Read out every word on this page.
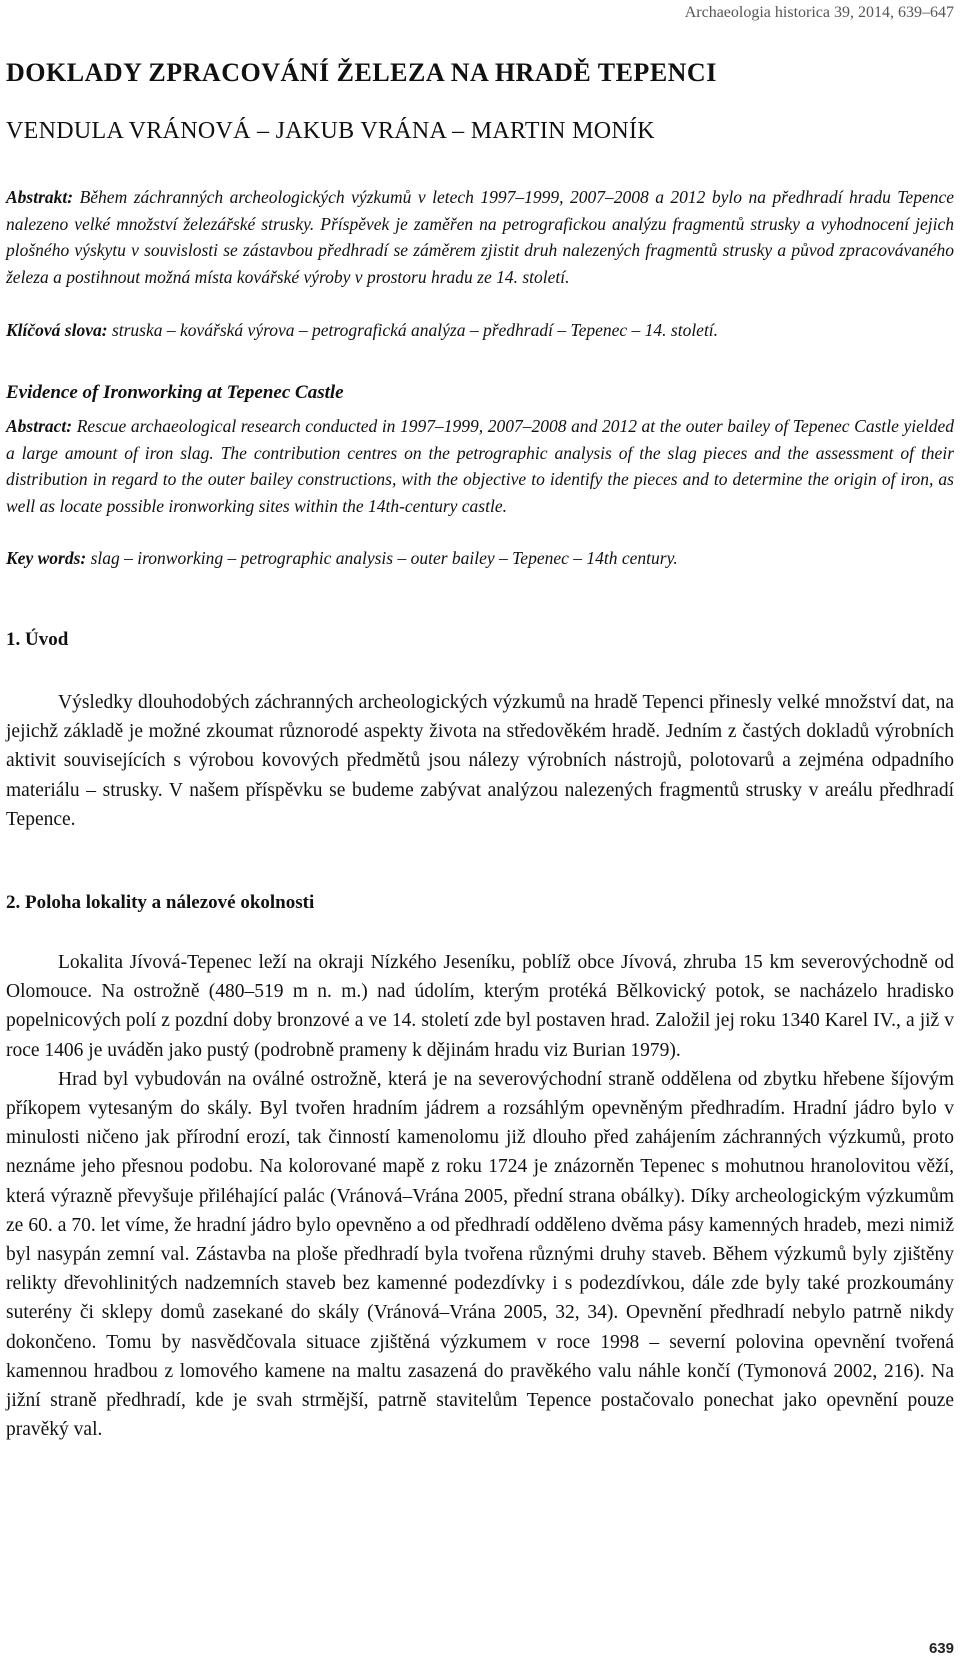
Archaeologia historica 39, 2014, 639–647
DOKLADY ZPRACOVÁNÍ ŽELEZA NA HRADĚ TEPENCI
VENDULA VRÁNOVÁ – JAKUB VRÁNA – MARTIN MONÍK

Abstrakt: Během záchranných archeologických výzkumů v letech 1997–1999, 2007–2008 a 2012 bylo na předhradí hradu Tepence nalezeno velké množství železářské strusky. Příspěvek je zaměřen na petrografickou analýzu fragmentů strusky a vyhodnocení jejich plošného výskytu v souvislosti se zástavbou předhradí se záměrem zjistit druh nalezených fragmentů strusky a původ zpracovávaného železa a postihnout možná místa kovářské výroby v prostoru hradu ze 14. století.

Klíčová slova: struska – kovářská výrova – petrografická analýza – předhradí – Tepenec – 14. století.

Evidence of Ironworking at Tepenec Castle

Abstract: Rescue archaeological research conducted in 1997–1999, 2007–2008 and 2012 at the outer bailey of Tepenec Castle yielded a large amount of iron slag. The contribution centres on the petrographic analysis of the slag pieces and the assessment of their distribution in regard to the outer bailey constructions, with the objective to identify the pieces and to determine the origin of iron, as well as locate possible ironworking sites within the 14th-century castle.

Key words: slag – ironworking – petrographic analysis – outer bailey – Tepenec – 14th century.

1. Úvod

Výsledky dlouhodobých záchranných archeologických výzkumů na hradě Tepenci přinesly velké množství dat, na jejichž základě je možné zkoumat různorodé aspekty života na středověkém hradě. Jedním z častých dokladů výrobních aktivit souvisejících s výrobou kovových předmětů jsou nálezy výrobních nástrojů, polotovarů a zejména odpadního materiálu – strusky. V našem příspěvku se budeme zabývat analýzou nalezených fragmentů strusky v areálu předhradí Tepence.

2. Poloha lokality a nálezové okolnosti

Lokalita Jívová-Tepenec leží na okraji Nízkého Jeseníku, poblíž obce Jívová, zhruba 15 km severovýchodně od Olomouce. Na ostrožně (480–519 m n. m.) nad údolím, kterým protéká Bělkovický potok, se nacházelo hradisko popelnicových polí z pozdní doby bronzové a ve 14. století zde byl postaven hrad. Založil jej roku 1340 Karel IV., a již v roce 1406 je uváděn jako pustý (podrobně prameny k dějinám hradu viz Burian 1979).

Hrad byl vybudován na oválné ostrožně, která je na severovýchodní straně oddělena od zbytku hřebene šíjovým příkopem vytesaným do skály. Byl tvořen hradním jádrem a rozsáhlým opevněným předhradím. Hradní jádro bylo v minulosti ničeno jak přírodní erozí, tak činností kamenolomu již dlouho před zahájením záchranných výzkumů, proto neznáme jeho přesnou podobu. Na kolorované mapě z roku 1724 je znázorněn Tepenec s mohutnou hranolovitou věží, která výrazně převyšuje přiléhající palác (Vránová–Vrána 2005, přední strana obálky). Díky archeologickým výzkumům ze 60. a 70. let víme, že hradní jádro bylo opevněno a od předhradí odděleno dvěma pásy kamenných hradeb, mezi nimiž byl nasypán zemní val. Zástavba na ploše předhradí byla tvořena různými druhy staveb. Během výzkumů byly zjištěny relikty dřevohlinitých nadzemních staveb bez kamenné podezdívky i s podezdívkou, dále zde byly také prozkoumány suterény či sklepy domů zasekané do skály (Vránová–Vrána 2005, 32, 34). Opevnění předhradí nebylo patrně nikdy dokončeno. Tomu by nasvědčovala situace zjištěná výzkumem v roce 1998 – severní polovina opevnění tvořená kamennou hradbou z lomového kamene na maltu zasazená do pravěkého valu náhle končí (Tymonová 2002, 216). Na jižní straně předhradí, kde je svah strmější, patrně stavitelům Tepence postačovalo ponechat jako opevnění pouze pravěký val.

639
